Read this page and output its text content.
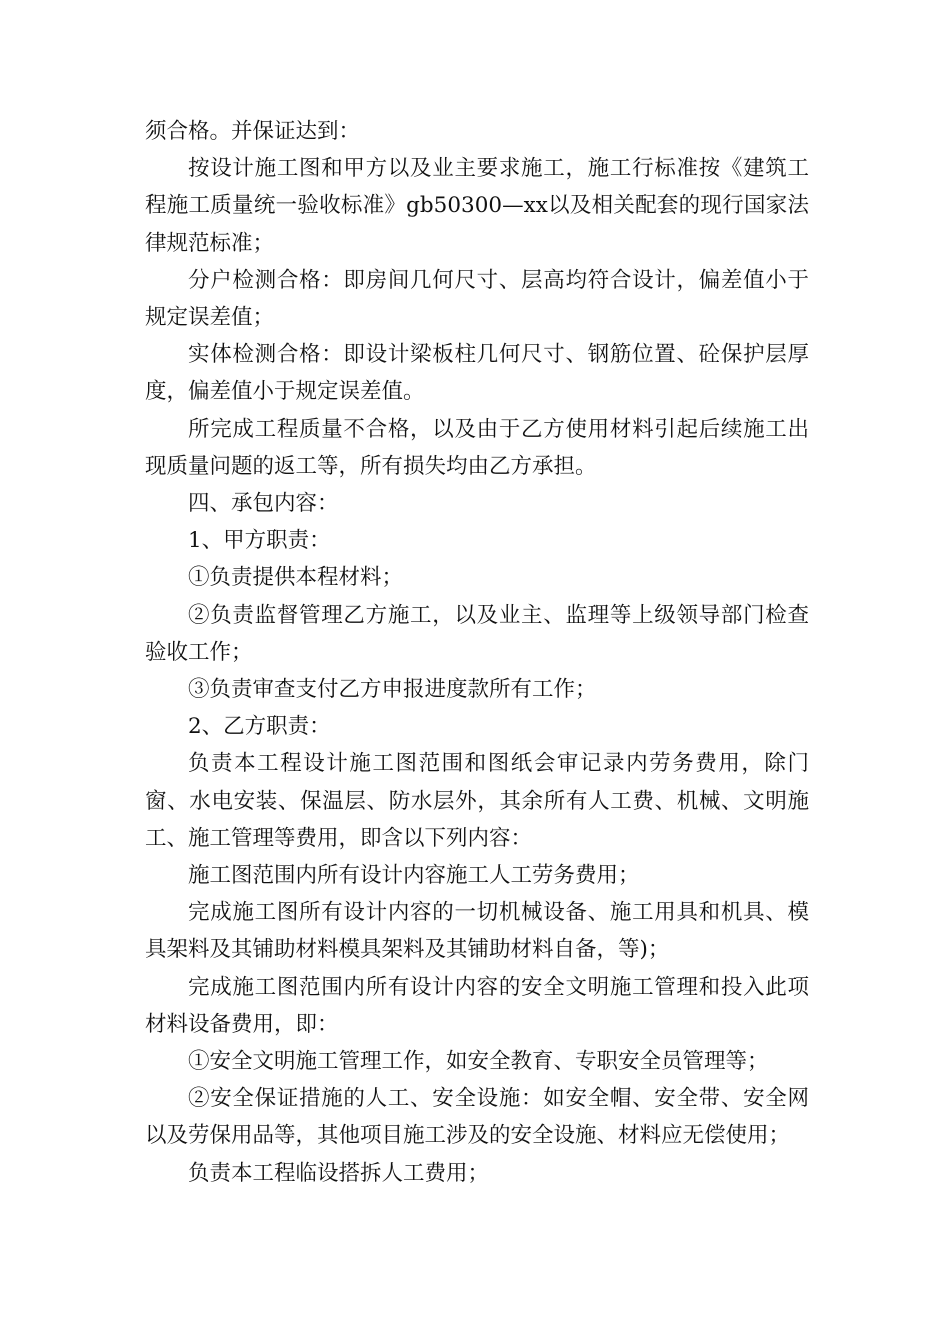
须合格。并保证达到：

按设计施工图和甲方以及业主要求施工，施工行标准按《建筑工程施工质量统一验收标准》gb50300—xx以及相关配套的现行国家法律规范标准；

分户检测合格：即房间几何尺寸、层高均符合设计，偏差值小于规定误差值；

实体检测合格：即设计梁板柱几何尺寸、钢筋位置、砼保护层厚度，偏差值小于规定误差值。

所完成工程质量不合格，以及由于乙方使用材料引起后续施工出现质量问题的返工等，所有损失均由乙方承担。

四、承包内容：

1、甲方职责：

①负责提供本程材料；

②负责监督管理乙方施工，以及业主、监理等上级领导部门检查验收工作；

③负责审查支付乙方申报进度款所有工作；

2、乙方职责：

负责本工程设计施工图范围和图纸会审记录内劳务费用，除门窗、水电安装、保温层、防水层外，其余所有人工费、机械、文明施工、施工管理等费用，即含以下列内容：

施工图范围内所有设计内容施工人工劳务费用；

完成施工图所有设计内容的一切机械设备、施工用具和机具、模具架料及其铺助材料模具架料及其铺助材料自备，等)；

完成施工图范围内所有设计内容的安全文明施工管理和投入此项材料设备费用，即：

①安全文明施工管理工作，如安全教育、专职安全员管理等；

②安全保证措施的人工、安全设施：如安全帽、安全带、安全网以及劳保用品等，其他项目施工涉及的安全设施、材料应无偿使用；

负责本工程临设搭拆人工费用；
